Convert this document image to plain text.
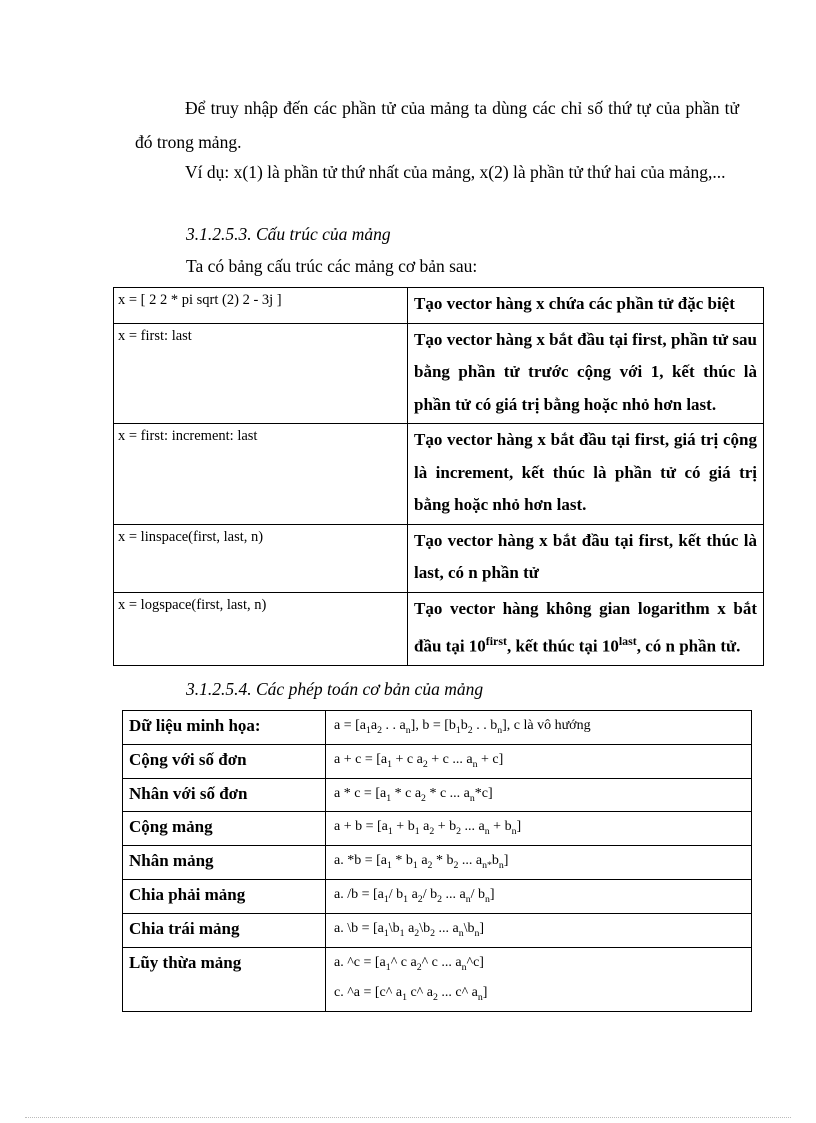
Để truy nhập đến các phần tử của mảng ta dùng các chỉ số thứ tự của phần tử đó trong mảng.

Ví dụ: x(1) là phần tử thứ nhất của mảng, x(2) là phần tử thứ hai của mảng,...

3.1.2.5.3. Cấu trúc của mảng

Ta có bảng cấu trúc các mảng cơ bản sau:

x = [ 2 2 * pi sqrt (2) 2 - 3j ]	Tạo vector hàng x chứa các phần tử đặc biệt
x = first: last	Tạo vector hàng x bắt đầu tại first, phần tử sau bằng phần tử trước cộng với 1, kết thúc là phần tử có giá trị bằng hoặc nhỏ hơn last.
x = first: increment: last	Tạo vector hàng x bắt đầu tại first, giá trị cộng là increment, kết thúc là phần tử có giá trị bằng hoặc nhỏ hơn last.
x = linspace(first, last, n)	Tạo vector hàng x bắt đầu tại first, kết thúc là last, có n phần tử
x = logspace(first, last, n)	Tạo vector hàng không gian logarithm x bắt đầu tại $10^{first}$, kết thúc tại $10^{last}$, có n phần tử.

3.1.2.5.4. Các phép toán cơ bản của mảng

Dữ liệu minh họa:	$a = [a_1a_2$ . . $a_n$], $b = [b_1b_2$ . . $b_n$], c là vô hướng
Cộng với số đơn	$a + c = [a_1 + c$ $a_2 + c$ ... $a_n + c$]
Nhân với số đơn	$a * c = [a_1 * c$ $a_2$ * c ... $a_n*c$]
Cộng mảng	$a + b = [a_1 + b_1$ $a_2 + b_2$ ... $a_n + b_n$]
Nhân mảng	a. $*b = [a_1 * b_1$ $a_2 * b_2$ ... $a_{n*}b_n$]
Chia phải mảng	a. $/b = [a_1/$ $b_1$ $a_2/$ $b_2$ ... $a_n/$ $b_n$]
Chia trái mảng	a. \b = [$a_1\backslash b_1$ $a_2\backslash b_2$ ... $a_n\backslash b_n$]
Lũy thừa mảng	a. ^c = [$a_1\^{}$ c $a_2\^{}$ c ... $a_n\^{}c$]
c. ^a = [c^ $a_1$ c^ $a_2$ ... c^ $a_n$]
